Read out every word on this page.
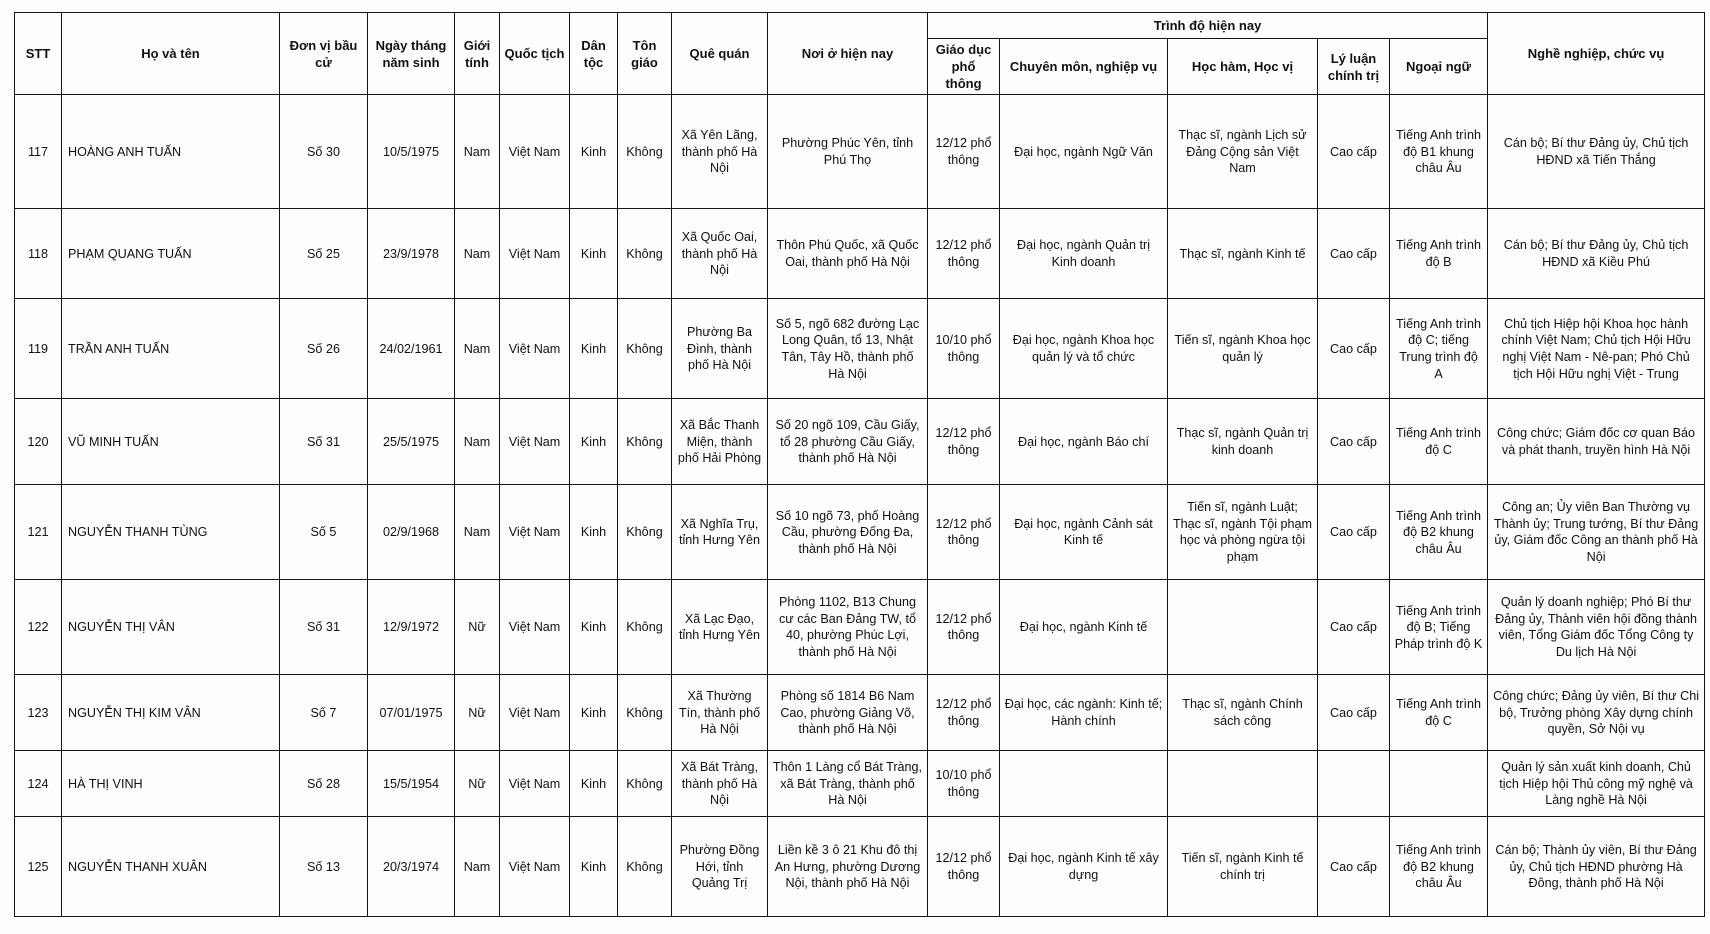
STT	Họ và tên	Đơn vị bầu cử	Ngày tháng năm sinh	Giới tính	Quốc tịch	Dân tộc	Tôn giáo	Quê quán	Nơi ở hiện nay	Trình độ hiện nay					Nghề nghiệp, chức vụ
										Giáo dục phổ thông	Chuyên môn, nghiệp vụ	Học hàm, Học vị	Lý luận chính trị	Ngoại ngữ	
117	HOÀNG ANH TUẤN	Số 30	10/5/1975	Nam	Việt Nam	Kinh	Không	Xã Yên Lãng, thành phố Hà Nội	Phường Phúc Yên, tỉnh Phú Thọ	12/12 phổ thông	Đại học, ngành Ngữ Văn	Thạc sĩ, ngành Lịch sử Đảng Cộng sản Việt Nam	Cao cấp	Tiếng Anh trình độ B1 khung châu Âu	Cán bộ; Bí thư Đảng ủy, Chủ tịch HĐND xã Tiến Thắng
118	PHẠM QUANG TUẤN	Số 25	23/9/1978	Nam	Việt Nam	Kinh	Không	Xã Quốc Oai, thành phố Hà Nội	Thôn Phú Quốc, xã Quốc Oai, thành phố Hà Nội	12/12 phổ thông	Đại học, ngành Quản trị Kinh doanh	Thạc sĩ, ngành Kinh tế	Cao cấp	Tiếng Anh trình độ B	Cán bộ; Bí thư Đảng ủy, Chủ tịch HĐND xã Kiều Phú
119	TRẦN ANH TUẤN	Số 26	24/02/1961	Nam	Việt Nam	Kinh	Không	Phường Ba Đình, thành phố Hà Nội	Số 5, ngõ 682 đường Lạc Long Quân, tổ 13, Nhật Tân, Tây Hồ, thành phố Hà Nội	10/10 phổ thông	Đại học, ngành Khoa học quản lý và tổ chức	Tiến sĩ, ngành Khoa học quản lý	Cao cấp	Tiếng Anh trình độ C; tiếng Trung trình độ A	Chủ tịch Hiệp hội Khoa học hành chính Việt Nam; Chủ tịch Hội Hữu nghị Việt Nam - Nê-pan; Phó Chủ tịch Hội Hữu nghị Việt - Trung
120	VŨ MINH TUẤN	Số 31	25/5/1975	Nam	Việt Nam	Kinh	Không	Xã Bắc Thanh Miện, thành phố Hải Phòng	Số 20 ngõ 109, Cầu Giấy, tổ 28 phường Cầu Giấy, thành phố Hà Nội	12/12 phổ thông	Đại học, ngành Báo chí	Thạc sĩ, ngành Quản trị kinh doanh	Cao cấp	Tiếng Anh trình độ C	Công chức; Giám đốc cơ quan Báo và phát thanh, truyền hình Hà Nội
121	NGUYỄN THANH TÙNG	Số 5	02/9/1968	Nam	Việt Nam	Kinh	Không	Xã Nghĩa Trụ, tỉnh Hưng Yên	Số 10 ngõ 73, phố Hoàng Cầu, phường Đống Đa, thành phố Hà Nội	12/12 phổ thông	Đại học, ngành Cảnh sát Kinh tế	Tiến sĩ, ngành Luật; Thạc sĩ, ngành Tội phạm học và phòng ngừa tội phạm	Cao cấp	Tiếng Anh trình độ B2 khung châu Âu	Công an; Ủy viên Ban Thường vụ Thành ủy; Trung tướng, Bí thư Đảng ủy, Giám đốc Công an thành phố Hà Nội
122	NGUYỄN THỊ VÂN	Số 31	12/9/1972	Nữ	Việt Nam	Kinh	Không	Xã Lạc Đạo, tỉnh Hưng Yên	Phòng 1102, B13 Chung cư các Ban Đảng TW, tổ 40, phường Phúc Lợi, thành phố Hà Nội	12/12 phổ thông	Đại học, ngành Kinh tế		Cao cấp	Tiếng Anh trình độ B; Tiếng Pháp trình độ K	Quản lý doanh nghiệp; Phó Bí thư Đảng ủy, Thành viên hội đồng thành viên, Tổng Giám đốc Tổng Công ty Du lịch Hà Nội
123	NGUYỄN THỊ KIM VÂN	Số 7	07/01/1975	Nữ	Việt Nam	Kinh	Không	Xã Thường Tín, thành phố Hà Nội	Phòng số 1814 B6 Nam Cao, phường Giảng Võ, thành phố Hà Nội	12/12 phổ thông	Đại học, các ngành: Kinh tế; Hành chính	Thạc sĩ, ngành Chính sách công	Cao cấp	Tiếng Anh trình độ C	Công chức; Đảng ủy viên, Bí thư Chi bộ, Trưởng phòng Xây dựng chính quyền, Sở Nội vụ
124	HÀ THỊ VINH	Số 28	15/5/1954	Nữ	Việt Nam	Kinh	Không	Xã Bát Tràng, thành phố Hà Nội	Thôn 1 Làng cổ Bát Tràng, xã Bát Tràng, thành phố Hà Nội	10/10 phổ thông					Quản lý sản xuất kinh doanh, Chủ tịch Hiệp hội Thủ công mỹ nghệ và Làng nghề Hà Nội
125	NGUYỄN THANH XUÂN	Số 13	20/3/1974	Nam	Việt Nam	Kinh	Không	Phường Đồng Hới, tỉnh Quảng Trị	Liền kề 3 ô 21 Khu đô thị An Hưng, phường Dương Nội, thành phố Hà Nội	12/12 phổ thông	Đại học, ngành Kinh tế xây dựng	Tiến sĩ, ngành Kinh tế chính trị	Cao cấp	Tiếng Anh trình độ B2 khung châu Âu	Cán bộ; Thành ủy viên, Bí thư Đảng ủy, Chủ tịch HĐND phường Hà Đông, thành phố Hà Nội
